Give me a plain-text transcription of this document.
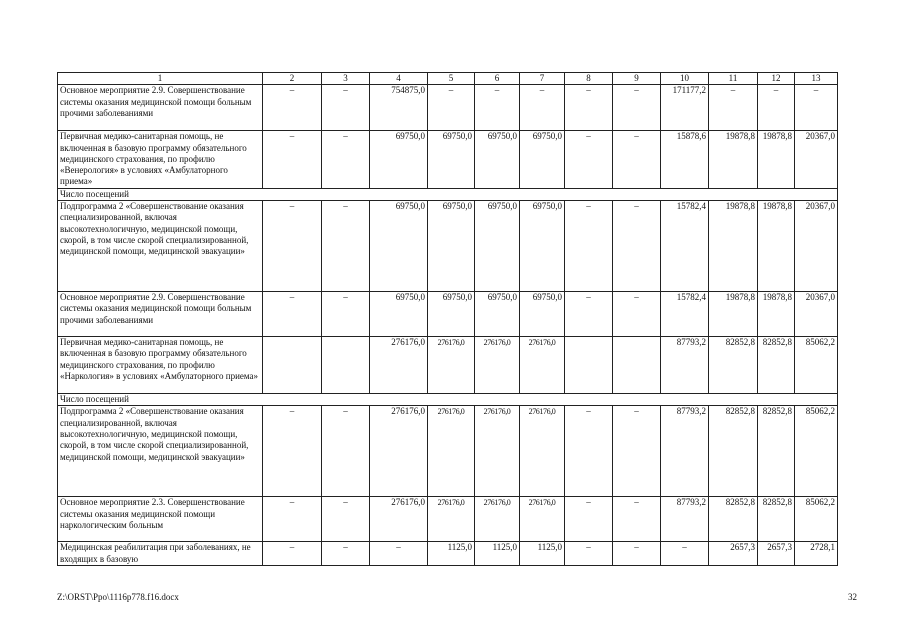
1	2	3	4	5	6	7	8	9	10	11	12	13
Основное мероприятие 2.9. Совершенствование системы оказания медицинской помощи больным прочими заболеваниями	–	–	754875,0	–	–	–	–	–	171177,2	–	–	–
Первичная медико-санитарная помощь, не включенная в базовую программу обязательного медицинского страхования, по профилю «Венерология» в условиях «Амбулаторного приема»	–	–	69750,0	69750,0	69750,0	69750,0	–	–	15878,6	19878,8	19878,8	20367,0
Число посещений												
Подпрограмма 2 «Совершенствование оказания специализированной, включая высокотехнологичную, медицинской помощи, скорой, в том числе скорой специализированной, медицинской помощи, медицинской эвакуации»	–	–	69750,0	69750,0	69750,0	69750,0	–	–	15782,4	19878,8	19878,8	20367,0
Основное мероприятие 2.9. Совершенствование системы оказания медицинской помощи больным прочими заболеваниями	–	–	69750,0	69750,0	69750,0	69750,0	–	–	15782,4	19878,8	19878,8	20367,0
Первичная медико-санитарная помощь, не включенная в базовую программу обязательного медицинского страхования, по профилю «Наркология» в условиях «Амбулаторного приема»			276176,0	276176,0	276176,0	276176,0			87793,2	82852,8	82852,8	85062,2
Число посещений												
Подпрограмма 2 «Совершенствование оказания специализированной, включая высокотехнологичную, медицинской помощи, скорой, в том числе скорой специализированной, медицинской помощи, медицинской эвакуации»	–	–	276176,0	276176,0	276176,0	276176,0	–	–	87793,2	82852,8	82852,8	85062,2
Основное мероприятие 2.3. Совершенствование системы оказания медицинской помощи наркологическим больным	–	–	276176,0	276176,0	276176,0	276176,0	–	–	87793,2	82852,8	82852,8	85062,2
Медицинская реабилитация при заболеваниях, не входящих в базовую	–	–	–	1125,0	1125,0	1125,0	–	–	–	2657,3	2657,3	2728,1
Z:\ORST\Ppo\1116p778.f16.docx	32
